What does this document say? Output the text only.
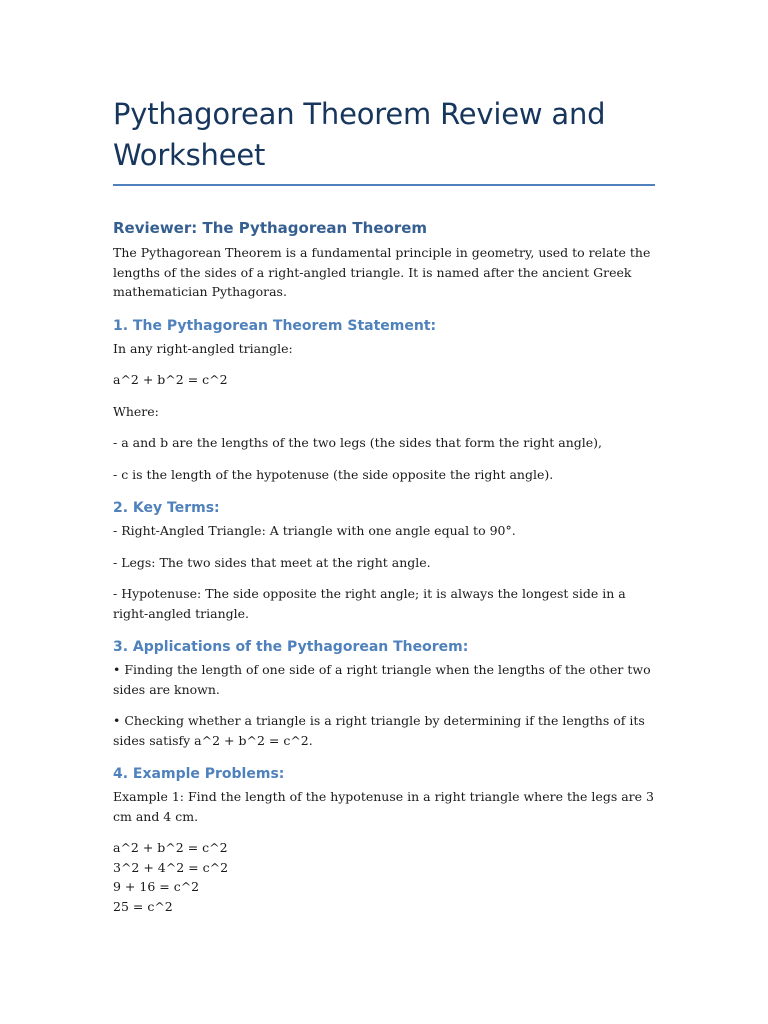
Pythagorean Theorem Review and Worksheet
Reviewer: The Pythagorean Theorem

The Pythagorean Theorem is a fundamental principle in geometry, used to relate the lengths of the sides of a right-angled triangle. It is named after the ancient Greek mathematician Pythagoras.

1. The Pythagorean Theorem Statement:

In any right-angled triangle:

a^2 + b^2 = c^2

Where:

- a and b are the lengths of the two legs (the sides that form the right angle),

- c is the length of the hypotenuse (the side opposite the right angle).

2. Key Terms:

- Right-Angled Triangle: A triangle with one angle equal to 90°.

- Legs: The two sides that meet at the right angle.

- Hypotenuse: The side opposite the right angle; it is always the longest side in a right-angled triangle.

3. Applications of the Pythagorean Theorem:

• Finding the length of one side of a right triangle when the lengths of the other two sides are known.

• Checking whether a triangle is a right triangle by determining if the lengths of its sides satisfy a^2 + b^2 = c^2.

4. Example Problems:

Example 1: Find the length of the hypotenuse in a right triangle where the legs are 3 cm and 4 cm.

a^2 + b^2 = c^2

3^2 + 4^2 = c^2

9 + 16 = c^2

25 = c^2
